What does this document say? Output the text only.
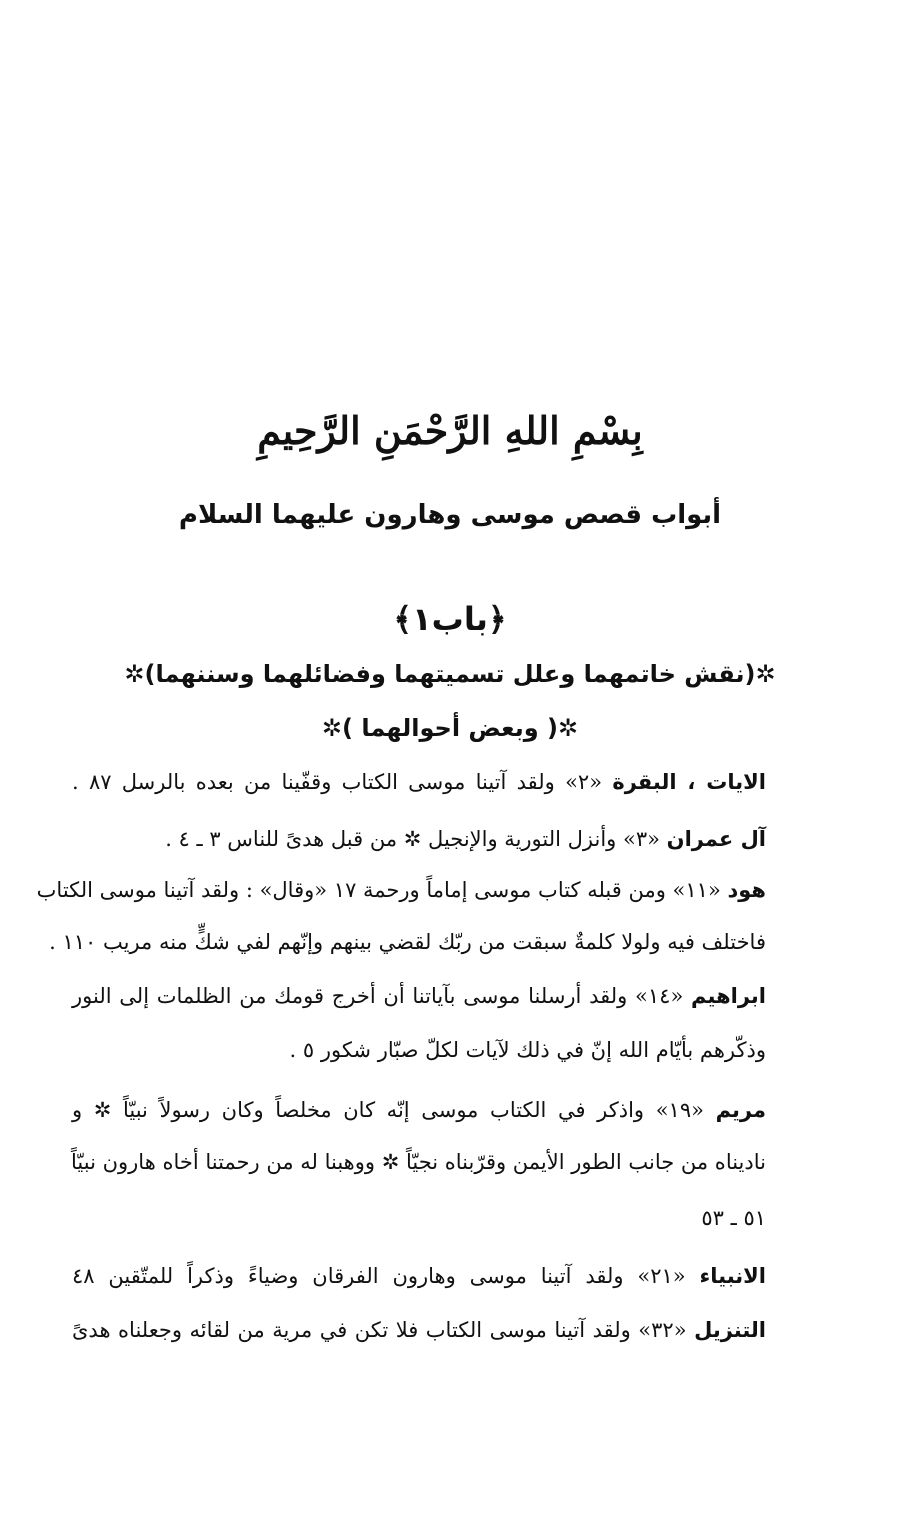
بِسْمِ اللهِ الرَّحْمَنِ الرَّحِيمِ
أبواب قصص موسى وهارون عليهما السلام
﴿باب١﴾
✲(نقش خاتمهما وعلل تسميتهما وفضائلهما وسننهما)✲
✲( وبعض أحوالهما )✲
الايات ، البقرة «٢» ولقد آتينا موسى الكتاب وقفّينا من بعده بالرسل ٨٧ .
آل عمران «٣» وأنزل التورية والإنجيل ✲ من قبل هدىً للناس ٣ ـ ٤ .
هود «١١» ومن قبله كتاب موسى إماماً ورحمة ١٧ «وقال» : ولقد آتينا موسى الكتاب
فاختلف فيه ولولا كلمةٌ سبقت من ربّك لقضي بينهم وإنّهم لفي شكٍّ منه مريب ١١٠ .
ابراهيم «١٤» ولقد أرسلنا موسى بآياتنا أن أخرج قومك من الظلمات إلى النور
وذكّرهم بأيّام الله إنّ في ذلك لآيات لكلّ صبّار شكور ٥ .
مريم «١٩» واذكر في الكتاب موسى إنّه كان مخلصاً وكان رسولاً نبيّاً ✲ و
ناديناه من جانب الطور الأيمن وقرّبناه نجيّاً ✲ ووهبنا له من رحمتنا أخاه هارون نبيّاً
٥١ ـ ٥٣
الانبياء «٢١» ولقد آتينا موسى وهارون الفرقان وضياءً وذكراً للمتّقين ٤٨
التنزيل «٣٢» ولقد آتينا موسى الكتاب فلا تكن في مرية من لقائه وجعلناه هدىً
